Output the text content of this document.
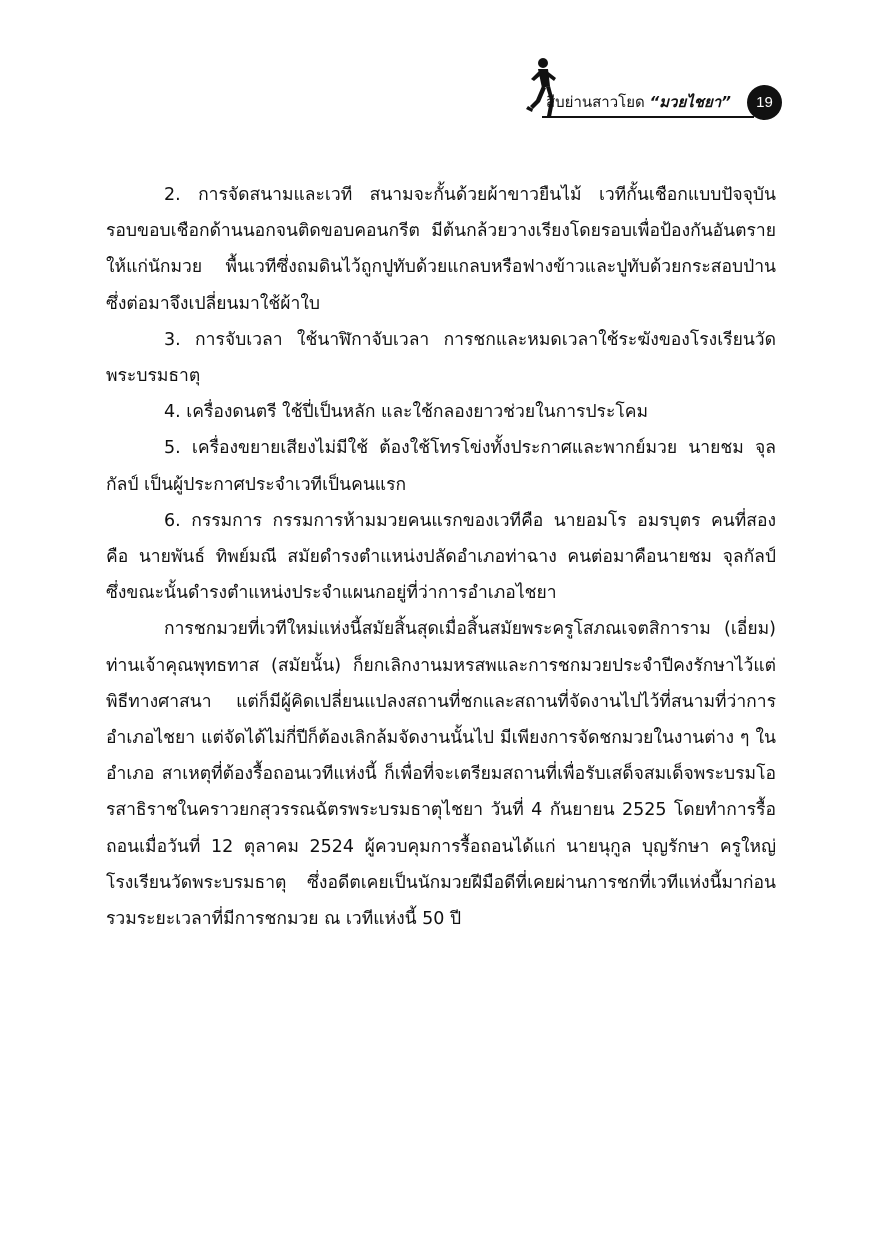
สืบย่านสาวโยด “มวยไชยา”	19

2. การจัดสนามและเวที สนามจะกั้นด้วยผ้าขาวยืนไม้ เวทีกั้นเชือกแบบปัจจุบัน รอบขอบเชือกด้านนอกจนติดขอบคอนกรีต มีต้นกล้วยวางเรียงโดยรอบเพื่อป้องกันอันตรายให้แก่นักมวย พื้นเวทีซึ่งถมดินไว้ถูกปูทับด้วยแกลบหรือฟางข้าวและปูทับด้วยกระสอบป่าน ซึ่งต่อมาจึงเปลี่ยนมาใช้ผ้าใบ

3. การจับเวลา ใช้นาฬิกาจับเวลา การชกและหมดเวลาใช้ระฆังของโรงเรียนวัดพระบรมธาตุ

4. เครื่องดนตรี ใช้ปี่เป็นหลัก และใช้กลองยาวช่วยในการประโคม

5. เครื่องขยายเสียงไม่มีใช้ ต้องใช้โทรโข่งทั้งประกาศและพากย์มวย นายชม จุลกัลป์ เป็นผู้ประกาศประจำเวทีเป็นคนแรก

6. กรรมการ กรรมการห้ามมวยคนแรกของเวทีคือ นายอมโร อมรบุตร คนที่สอง คือ นายพันธ์ ทิพย์มณี สมัยดำรงตำแหน่งปลัดอำเภอท่าฉาง คนต่อมาคือนายชม จุลกัลป์ ซึ่งขณะนั้นดำรงตำแหน่งประจำแผนกอยู่ที่ว่าการอำเภอไชยา

การชกมวยที่เวทีใหม่แห่งนี้สมัยสิ้นสุดเมื่อสิ้นสมัยพระครูโสภณเจตสิการาม (เอี่ยม) ท่านเจ้าคุณพุทธทาส (สมัยนั้น) ก็ยกเลิกงานมหรสพและการชกมวยประจำปีคงรักษาไว้แต่พิธีทางศาสนา แต่ก็มีผู้คิดเปลี่ยนแปลงสถานที่ชกและสถานที่จัดงานไปไว้ที่สนามที่ว่าการอำเภอไชยา แต่จัดได้ไม่กี่ปีก็ต้องเลิกล้มจัดงานนั้นไป มีเพียงการจัดชกมวยในงานต่าง ๆ ในอำเภอ สาเหตุที่ต้องรื้อถอนเวทีแห่งนี้ ก็เพื่อที่จะเตรียมสถานที่เพื่อรับเสด็จสมเด็จพระบรมโอรสาธิราชในคราวยกสุวรรณฉัตรพระบรมธาตุไชยา วันที่ 4 กันยายน 2525 โดยทำการรื้อถอนเมื่อวันที่ 12 ตุลาคม 2524 ผู้ควบคุมการรื้อถอนได้แก่ นายนุกูล บุญรักษา ครูใหญ่โรงเรียนวัดพระบรมธาตุ ซึ่งอดีตเคยเป็นนักมวยฝีมือดีที่เคยผ่านการชกที่เวทีแห่งนี้มาก่อน รวมระยะเวลาที่มีการชกมวย ณ เวทีแห่งนี้ 50 ปี
